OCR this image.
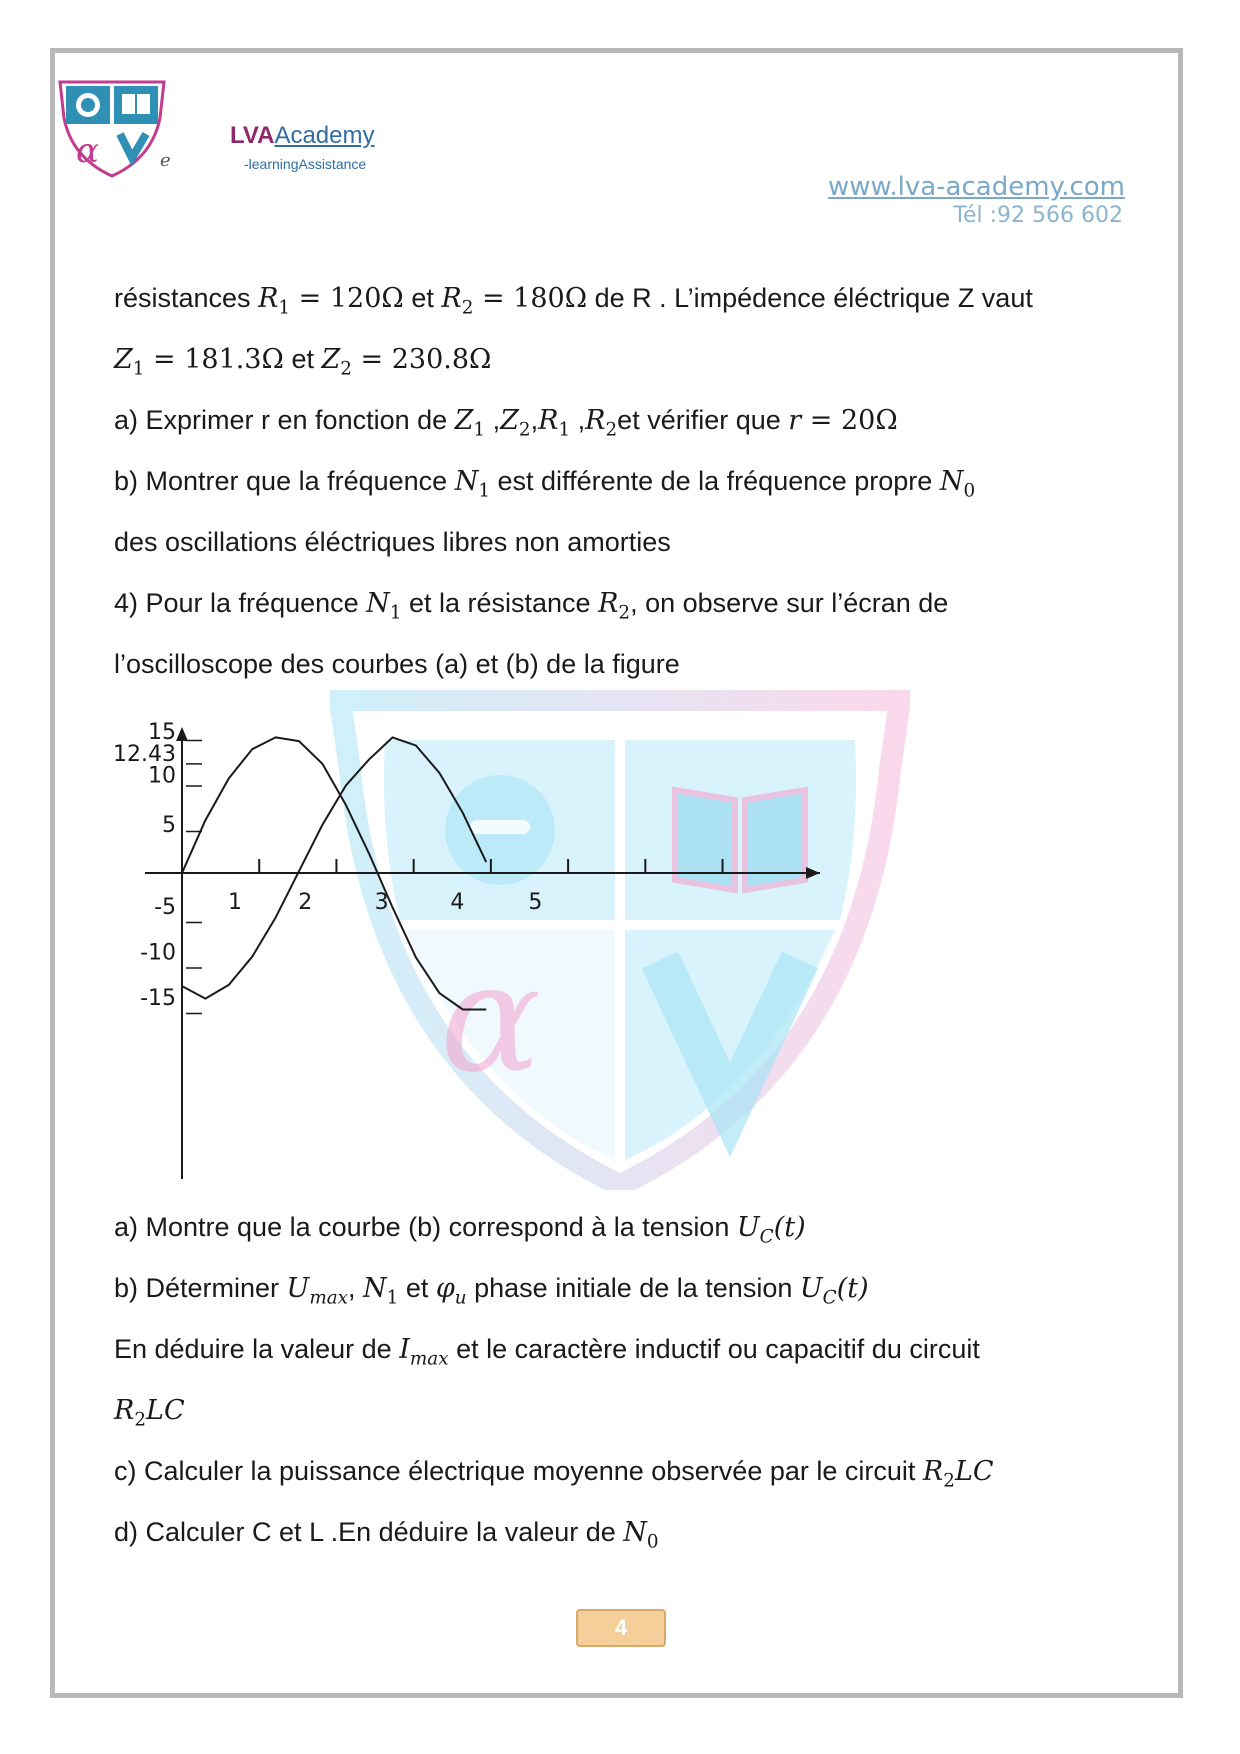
α	e
LVAAcademy
-learningAssistance
www.lva-academy.com
Tél :92 566 602
α
résistances $R_1 = 120\Omega$ et $R_2 = 180\Omega$ de R . L’impédence éléctrique Z vaut
$Z_1 = 181.3\Omega$ et $Z_2 = 230.8\Omega$
a) Exprimer r en fonction de $Z_1$ $,Z_2,R_1$ $,R_2et$ vérifier que r = 20Ω
b) Montrer que la fréquence $N_1$ est différente de la fréquence propre $N_0$
des oscillations éléctriques libres non amorties
4) Pour la fréquence $N_1$ et la résistance $R_2$, on observe sur l’écran de
l’oscilloscope des courbes (a) et (b) de la figure
1	2	3	4	5
15
12.43
10
5
-5
-10
-15
a) Montre que la courbe (b) correspond à la tension $U_C(t)$
b) Déterminer $U_{max}$, $N_1$ et $\varphi_u$ phase initiale de la tension $U_C(t)$
En déduire la valeur de $I_{max}$ et le caractère inductif ou capacitif du circuit
$R_2LC$
c) Calculer la puissance électrique moyenne observée par le circuit $R_2LC$
d) Calculer C et L .En déduire la valeur de $N_0$
4
